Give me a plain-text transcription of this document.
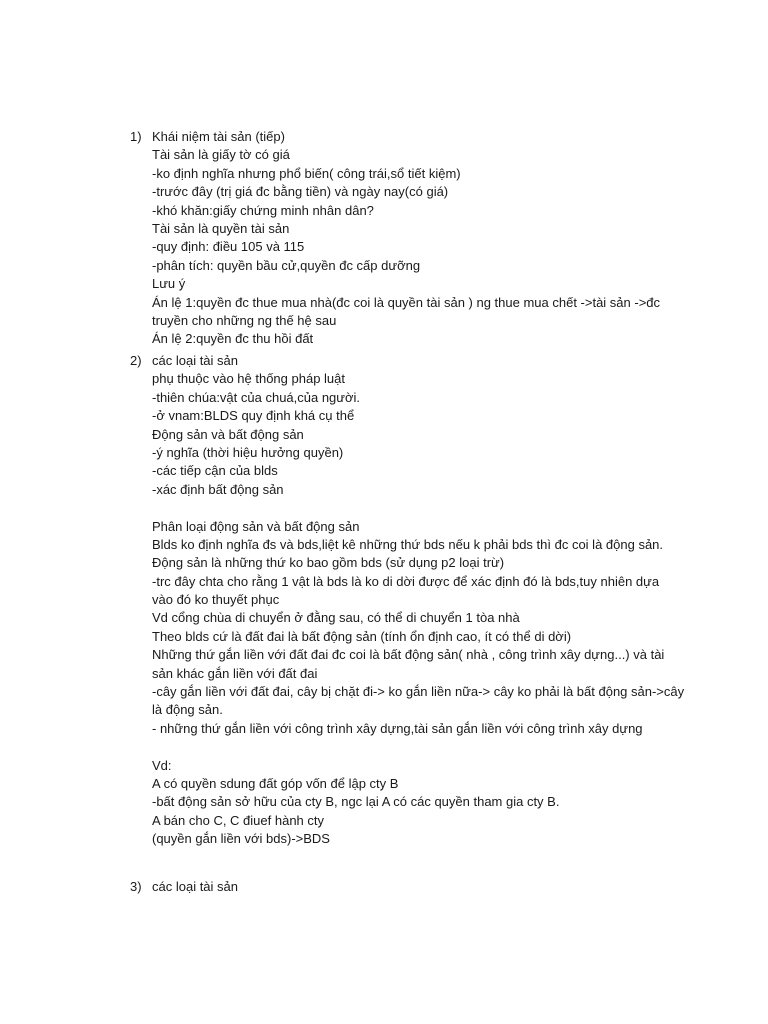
1) Khái niệm tài sản (tiếp)
Tài sản là giấy tờ có giá
-ko định nghĩa nhưng phổ biến( công trái,sổ tiết kiệm)
-trước đây (trị giá đc bằng tiền) và ngày nay(có giá)
-khó khăn:giấy chứng minh nhân dân?
Tài sản là quyền tài sản
-quy định: điều 105 và 115
-phân tích: quyền bầu cử,quyền đc cấp dưỡng
Lưu ý
Án lệ 1:quyền đc thue mua nhà(đc coi là quyền tài sản ) ng thue mua chết ->tài sản ->đc
truyền cho những ng thế hệ sau
Án lệ 2:quyền đc thu hồi đất
2) các loại tài sản
phụ thuộc vào hệ thống pháp luật
-thiên chúa:vật của chuá,của người.
-ở vnam:BLDS quy định khá cụ thể
Động sản và bất động sản
-ý nghĩa (thời hiệu hưởng quyền)
-các tiếp cận của blds
-xác định bất động sản
Phân loại động sản và bất động sản
Blds ko định nghĩa đs và bds,liệt kê những thứ bds nếu k phải bds thì đc coi là động sản.
Động sản là những thứ ko bao gồm bds (sử dụng p2 loại trừ)
-trc đây chta cho rằng 1 vật là bds là ko di dời được để xác định đó là bds,tuy nhiên dựa
vào đó ko thuyết phục
Vd cổng chùa di chuyển ở đằng sau, có thể di chuyển 1 tòa nhà
Theo blds cứ là đất đai là bất động sản (tính ổn định cao, ít có thể di dời)
Những thứ gắn liền với đất đai đc coi là bất động sản( nhà , công trình xây dựng...) và tài
sản khác gắn liền với đất đai
-cây gắn liền với đất đai, cây bị chặt đi-> ko gắn liền nữa-> cây ko phải là bất động sản->cây
là động sản.
- những thứ gắn liền với công trình xây dựng,tài sản gắn liền với công trình xây dựng
Vd:
A có quyền sdung đất góp vốn để lập cty B
-bất động sản sở hữu của cty B, ngc lại A có các quyền tham gia cty B.
A bán cho C, C điuef hành cty
(quyền gắn liền với bds)->BDS
3) các loại tài sản
